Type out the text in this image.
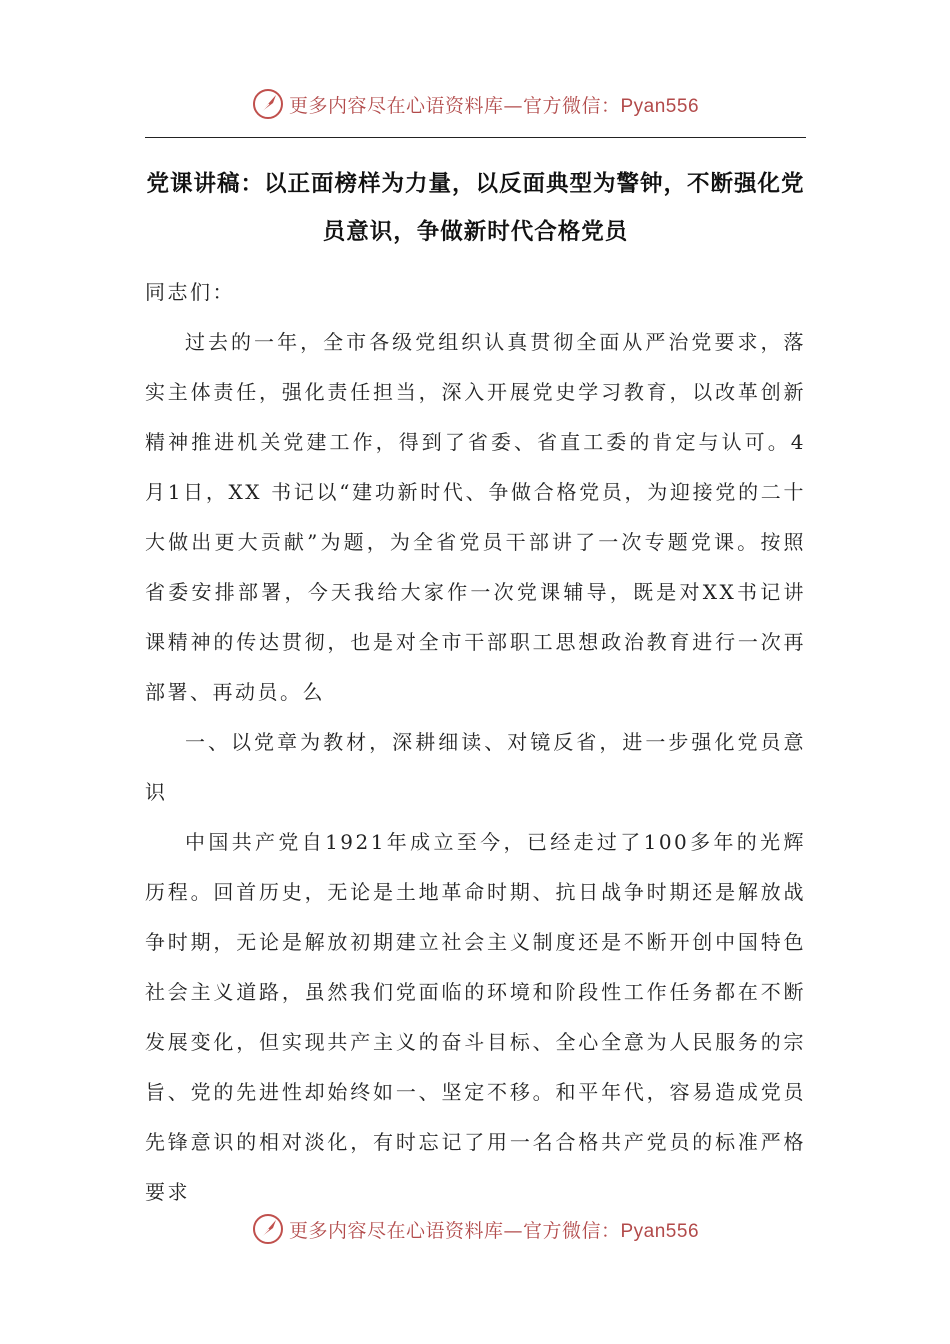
更多内容尽在心语资料库—官方微信：Pyan556
党课讲稿：以正面榜样为力量，以反面典型为警钟，不断强化党员意识，争做新时代合格党员

同志们：

过去的一年，全市各级党组织认真贯彻全面从严治党要求，落实主体责任，强化责任担当，深入开展党史学习教育，以改革创新精神推进机关党建工作，得到了省委、省直工委的肯定与认可。4月1日，XX 书记以“建功新时代、争做合格党员，为迎接党的二十大做出更大贡献”为题，为全省党员干部讲了一次专题党课。按照省委安排部署，今天我给大家作一次党课辅导，既是对XX书记讲课精神的传达贯彻，也是对全市干部职工思想政治教育进行一次再部署、再动员。么

一、以党章为教材，深耕细读、对镜反省，进一步强化党员意识

中国共产党自1921年成立至今，已经走过了100多年的光辉历程。回首历史，无论是土地革命时期、抗日战争时期还是解放战争时期，无论是解放初期建立社会主义制度还是不断开创中国特色社会主义道路，虽然我们党面临的环境和阶段性工作任务都在不断发展变化，但实现共产主义的奋斗目标、全心全意为人民服务的宗旨、党的先进性却始终如一、坚定不移。和平年代，容易造成党员先锋意识的相对淡化，有时忘记了用一名合格共产党员的标准严格要求

更多内容尽在心语资料库—官方微信：Pyan556
